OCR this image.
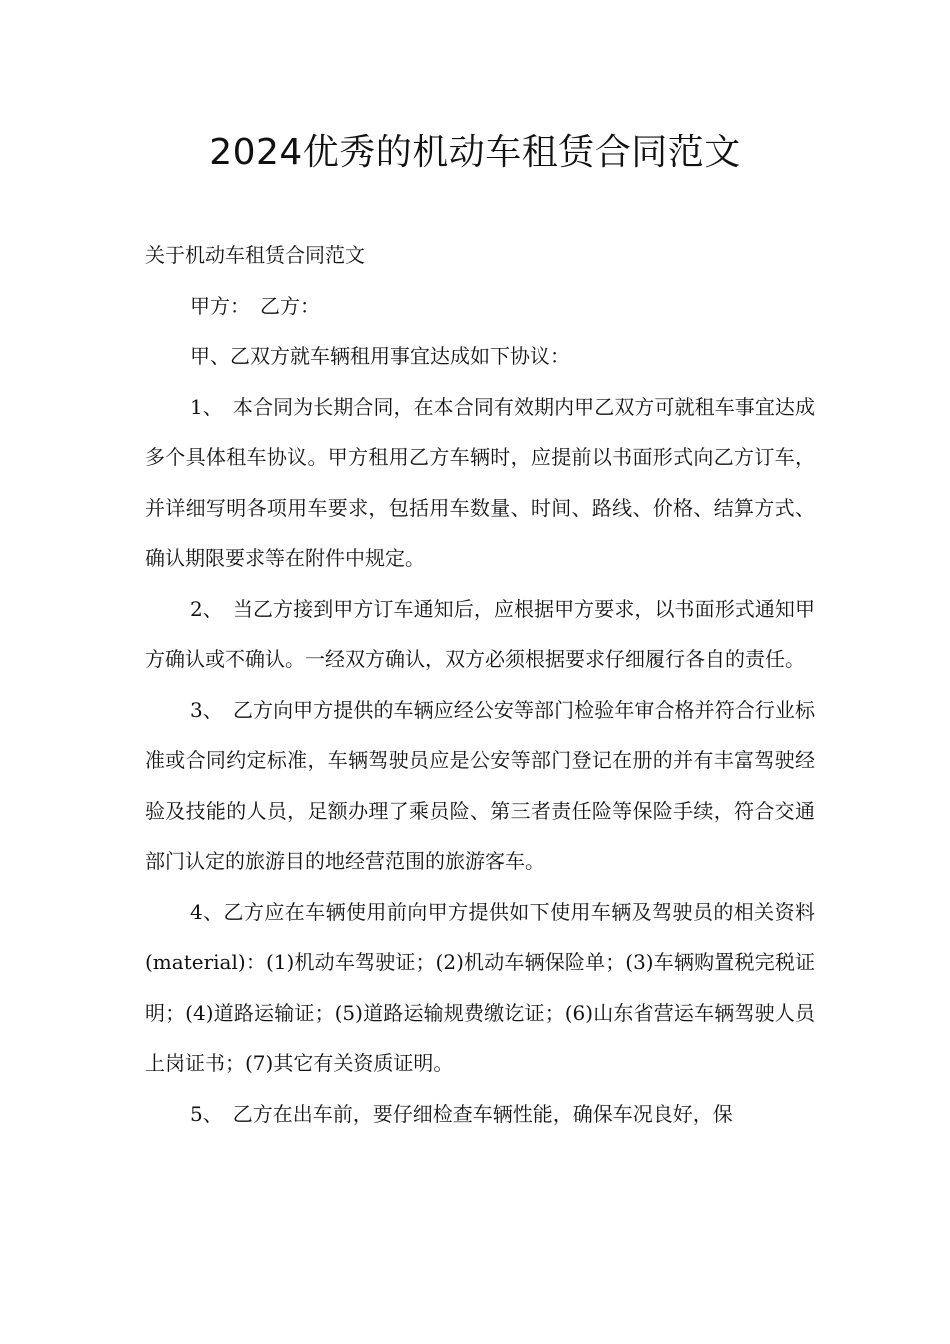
2024优秀的机动车租赁合同范文

关于机动车租赁合同范文

甲方：　乙方：

甲、乙双方就车辆租用事宜达成如下协议：

1、　本合同为长期合同，在本合同有效期内甲乙双方可就租车事宜达成多个具体租车协议。甲方租用乙方车辆时，应提前以书面形式向乙方订车，并详细写明各项用车要求，包括用车数量、时间、路线、价格、结算方式、确认期限要求等在附件中规定。

2、　当乙方接到甲方订车通知后，应根据甲方要求，以书面形式通知甲方确认或不确认。一经双方确认，双方必须根据要求仔细履行各自的责任。

3、　乙方向甲方提供的车辆应经公安等部门检验年审合格并符合行业标准或合同约定标准，车辆驾驶员应是公安等部门登记在册的并有丰富驾驶经验及技能的人员，足额办理了乘员险、第三者责任险等保险手续，符合交通部门认定的旅游目的地经营范围的旅游客车。

4、乙方应在车辆使用前向甲方提供如下使用车辆及驾驶员的相关资料(material)：(1)机动车驾驶证；(2)机动车辆保险单；(3)车辆购置税完税证明；(4)道路运输证；(5)道路运输规费缴讫证；(6)山东省营运车辆驾驶人员上岗证书；(7)其它有关资质证明。

5、　乙方在出车前，要仔细检查车辆性能，确保车况良好，保
